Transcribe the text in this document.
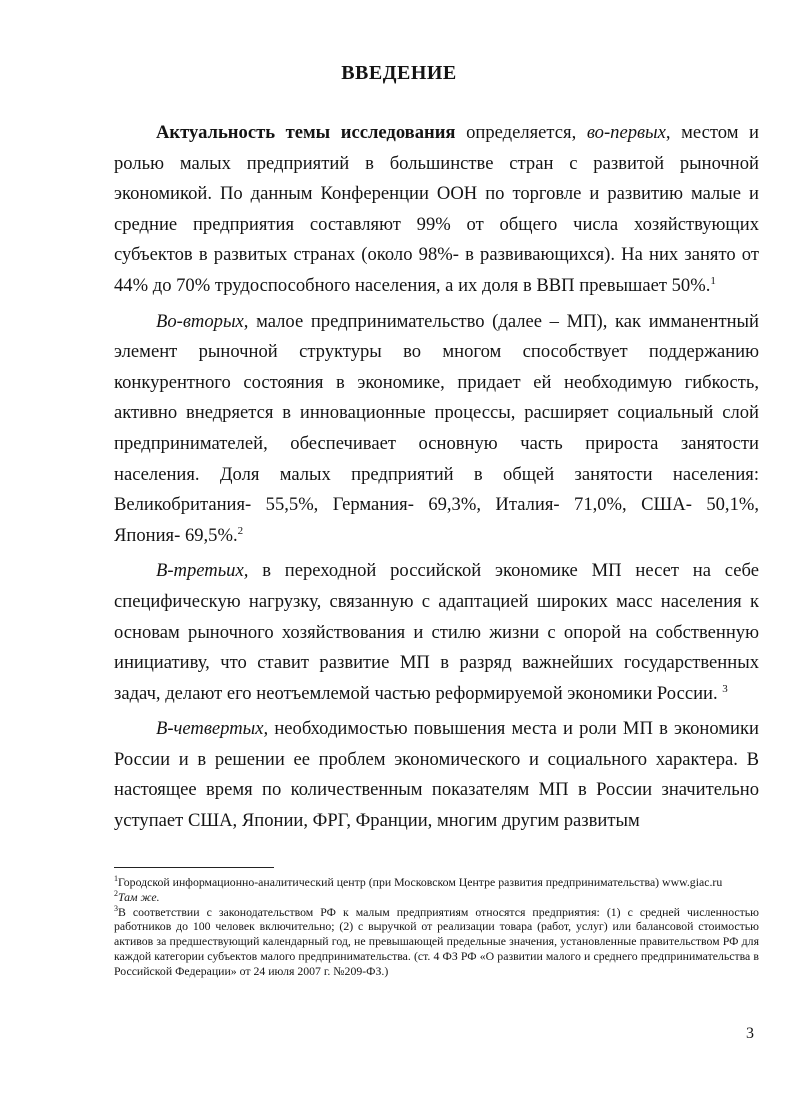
ВВЕДЕНИЕ

Актуальность темы исследования определяется, во-первых, местом и ролью малых предприятий в большинстве стран с развитой рыночной экономикой. По данным Конференции ООН по торговле и развитию малые и средние предприятия составляют 99% от общего числа хозяйствующих субъектов в развитых странах (около 98%- в развивающихся). На них занято от 44% до 70% трудоспособного населения, а их доля в ВВП превышает 50%.$^1$

Во-вторых, малое предпринимательство (далее – МП), как имманентный элемент рыночной структуры во многом способствует поддержанию конкурентного состояния в экономике, придает ей необходимую гибкость, активно внедряется в инновационные процессы, расширяет социальный слой предпринимателей, обеспечивает основную часть прироста занятости населения. Доля малых предприятий в общей занятости населения: Великобритания- 55,5%, Германия- 69,3%, Италия- 71,0%, США- 50,1%, Япония- 69,5%.$^2$

В-третьих, в переходной российской экономике МП несет на себе специфическую нагрузку, связанную с адаптацией широких масс населения к основам рыночного хозяйствования и стилю жизни с опорой на собственную инициативу, что ставит развитие МП в разряд важнейших государственных задач, делают его неотъемлемой частью реформируемой экономики России. $^3$

В-четвертых, необходимостью повышения места и роли МП в экономики России и в решении ее проблем экономического и социального характера. В настоящее время по количественным показателям МП в России значительно уступает США, Японии, ФРГ, Франции, многим другим развитым

$^1$Городской информационно-аналитический центр (при Московском Центре развития предпринимательства) www.giac.ru

$^2$Там же.

$^3$В соответствии с законодательством РФ к малым предприятиям относятся предприятия: (1) с средней численностью работников до 100 человек включительно; (2) с выручкой от реализации товара (работ, услуг) или балансовой стоимостью активов за предшествующий календарный год, не превышающей предельные значения, установленные правительством РФ для каждой категории субъектов малого предпринимательства. (ст. 4 ФЗ РФ «О развитии малого и среднего предпринимательства в Российской Федерации» от 24 июля 2007 г. №209-ФЗ.)

3
